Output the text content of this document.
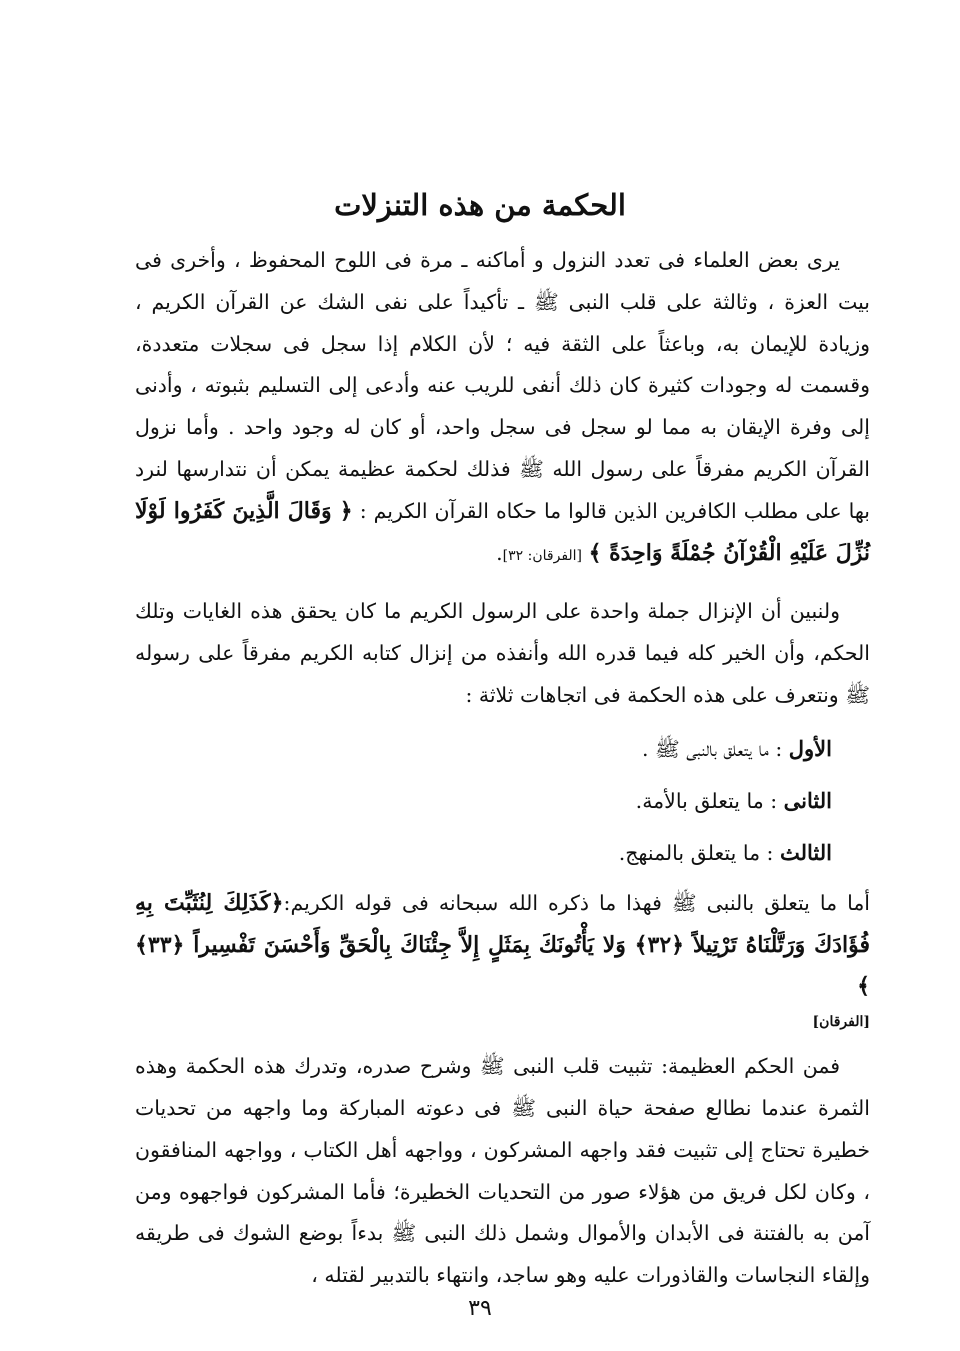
الحكمة من هذه التنزلات

يرى بعض العلماء فى تعدد النزول و أماكنه ـ مرة فى اللوح المحفوظ ، وأخرى فى بيت العزة ، وثالثة على قلب النبى ﷺ ـ تأكيداً على نفى الشك عن القرآن الكريم ، وزيادة للإيمان به، وباعثاً على الثقة فيه ؛ لأن الكلام إذا سجل فى سجلات متعددة، وقسمت له وجودات كثيرة كان ذلك أنفى للريب عنه وأدعى إلى التسليم بثبوته ، وأدنى إلى وفرة الإيقان به مما لو سجل فى سجل واحد، أو كان له وجود واحد . وأما نزول القرآن الكريم مفرقاً على رسول الله ﷺ فذلك لحكمة عظيمة يمكن أن نتدارسها لنرد بها على مطلب الكافرين الذين قالوا ما حكاه القرآن الكريم : ﴿ وَقَالَ الَّذِينَ كَفَرُوا لَوْلَا نُزِّلَ عَلَيْهِ الْقُرْآنُ جُمْلَةً وَاحِدَةً ﴾ [الفرقان: ٣٢].

ولنبين أن الإنزال جملة واحدة على الرسول الكريم ما كان يحقق هذه الغايات وتلك الحكم، وأن الخير كله فيما قدره الله وأنفذه من إنزال كتابه الكريم مفرقاً على رسوله ﷺ ونتعرف على هذه الحكمة فى اتجاهات ثلاثة :

الأول : ما يتعلق بالنبى ﷺ .

الثانى : ما يتعلق بالأمة.

الثالث : ما يتعلق بالمنهج.

أما ما يتعلق بالنبى ﷺ فهذا ما ذكره الله سبحانه فى قوله الكريم:﴿كَذَلِكَ لِنُثَبِّتَ بِهِ فُؤَادَكَ وَرَتَّلْنَاهُ تَرْتِيلاً ﴿٣٢﴾ وَلا يَأْتُونَكَ بِمَثَلٍ إِلاَّ جِئْنَاكَ بِالْحَقِّ وَأَحْسَنَ تَفْسِيراً ﴿٣٣﴾ ﴾

[الفرقان]

فمن الحكم العظيمة: تثبيت قلب النبى ﷺ وشرح صدره، وتدرك هذه الحكمة وهذه الثمرة عندما نطالع صفحة حياة النبى ﷺ فى دعوته المباركة وما واجهه من تحديات خطيرة تحتاج إلى تثبيت فقد واجهه المشركون ، وواجهه أهل الكتاب ، وواجهه المنافقون ، وكان لكل فريق من هؤلاء صور من التحديات الخطيرة؛ فأما المشركون فواجهوه ومن آمن به بالفتنة فى الأبدان والأموال وشمل ذلك النبى ﷺ بدءاً بوضع الشوك فى طريقه وإلقاء النجاسات والقاذورات عليه وهو ساجد، وانتهاء بالتدبير لقتله ،

٣٩
